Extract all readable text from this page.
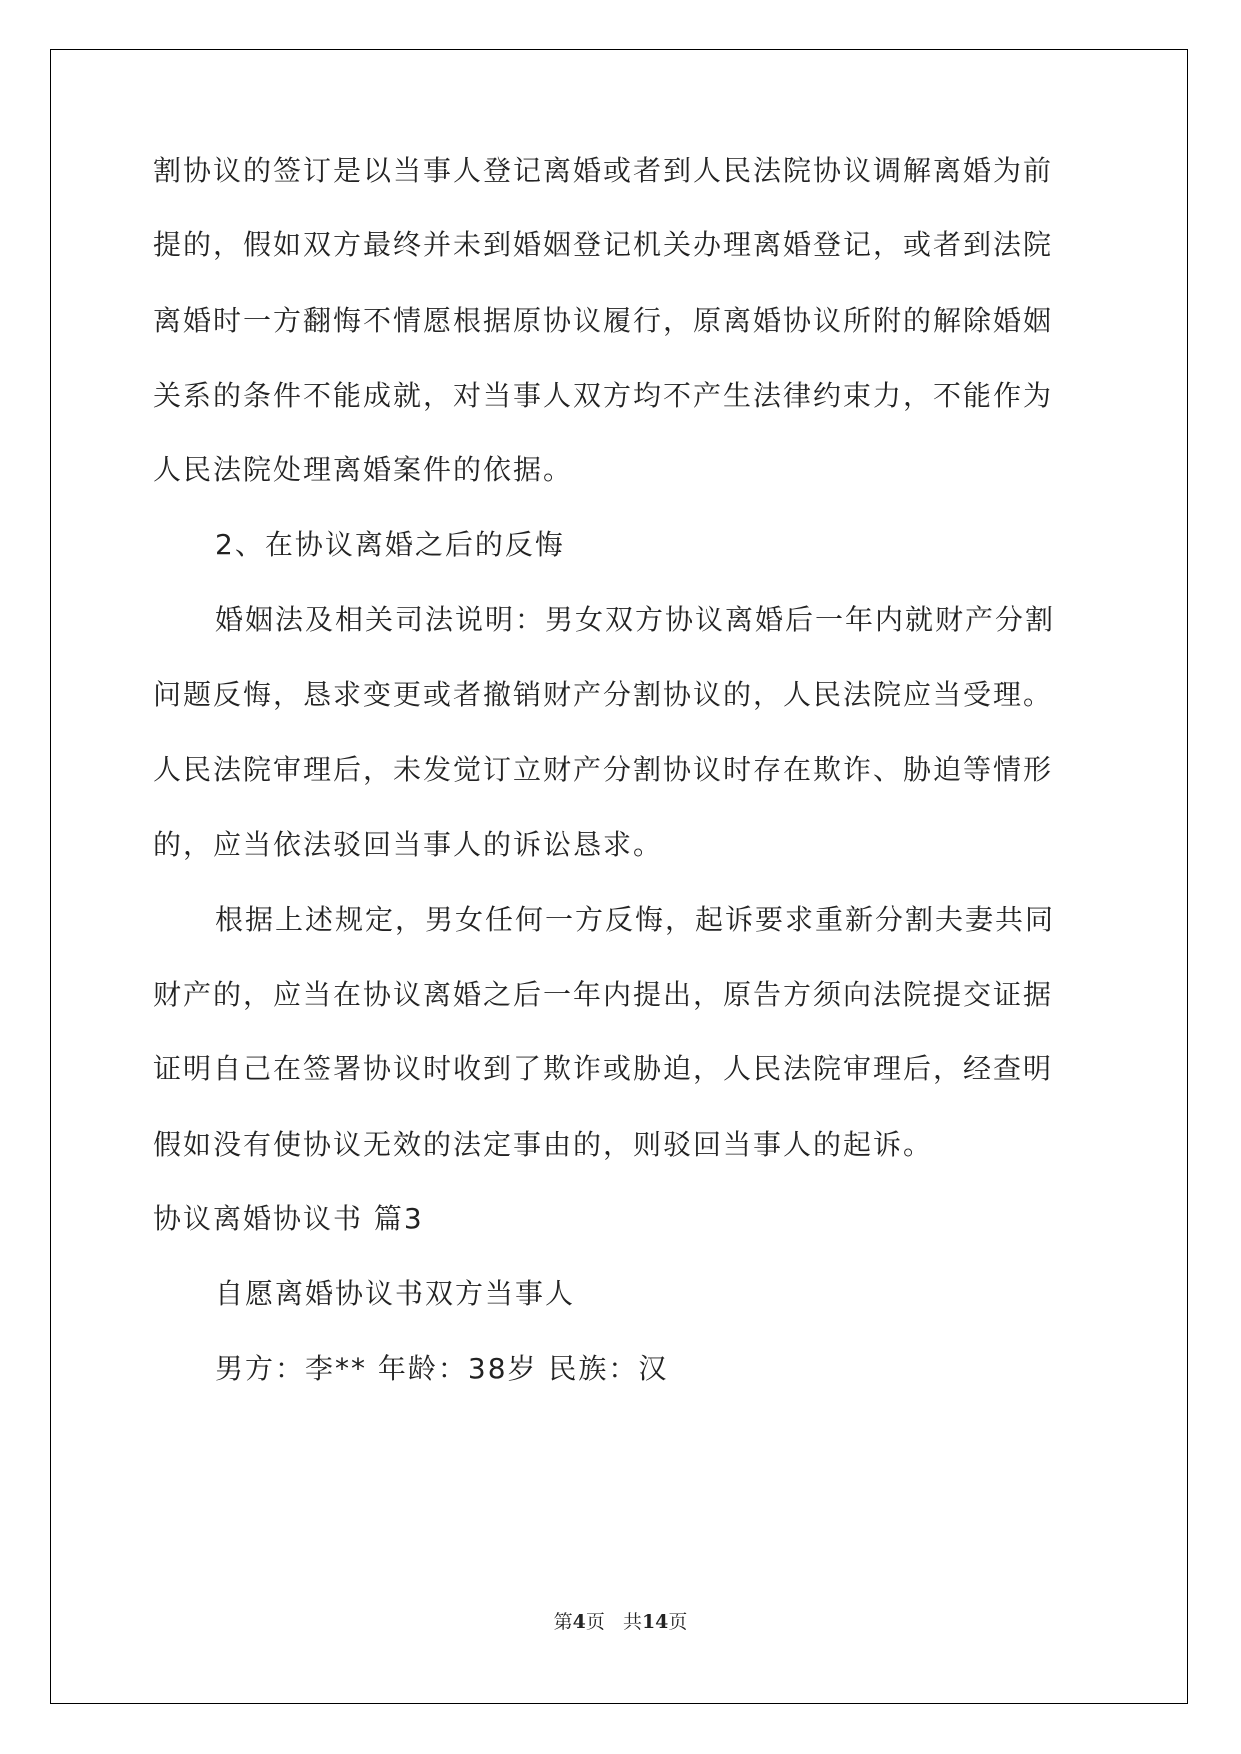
割协议的签订是以当事人登记离婚或者到人民法院协议调解离婚为前
提的，假如双方最终并未到婚姻登记机关办理离婚登记，或者到法院
离婚时一方翻悔不情愿根据原协议履行，原离婚协议所附的解除婚姻
关系的条件不能成就，对当事人双方均不产生法律约束力，不能作为
人民法院处理离婚案件的依据。
2、在协议离婚之后的反悔
婚姻法及相关司法说明：男女双方协议离婚后一年内就财产分割
问题反悔，恳求变更或者撤销财产分割协议的，人民法院应当受理。
人民法院审理后，未发觉订立财产分割协议时存在欺诈、胁迫等情形
的，应当依法驳回当事人的诉讼恳求。
根据上述规定，男女任何一方反悔，起诉要求重新分割夫妻共同
财产的，应当在协议离婚之后一年内提出，原告方须向法院提交证据
证明自己在签署协议时收到了欺诈或胁迫，人民法院审理后，经查明
假如没有使协议无效的法定事由的，则驳回当事人的起诉。
协议离婚协议书 篇3
自愿离婚协议书双方当事人
男方：李** 年龄：38岁 民族：汉
第4页   共14页
